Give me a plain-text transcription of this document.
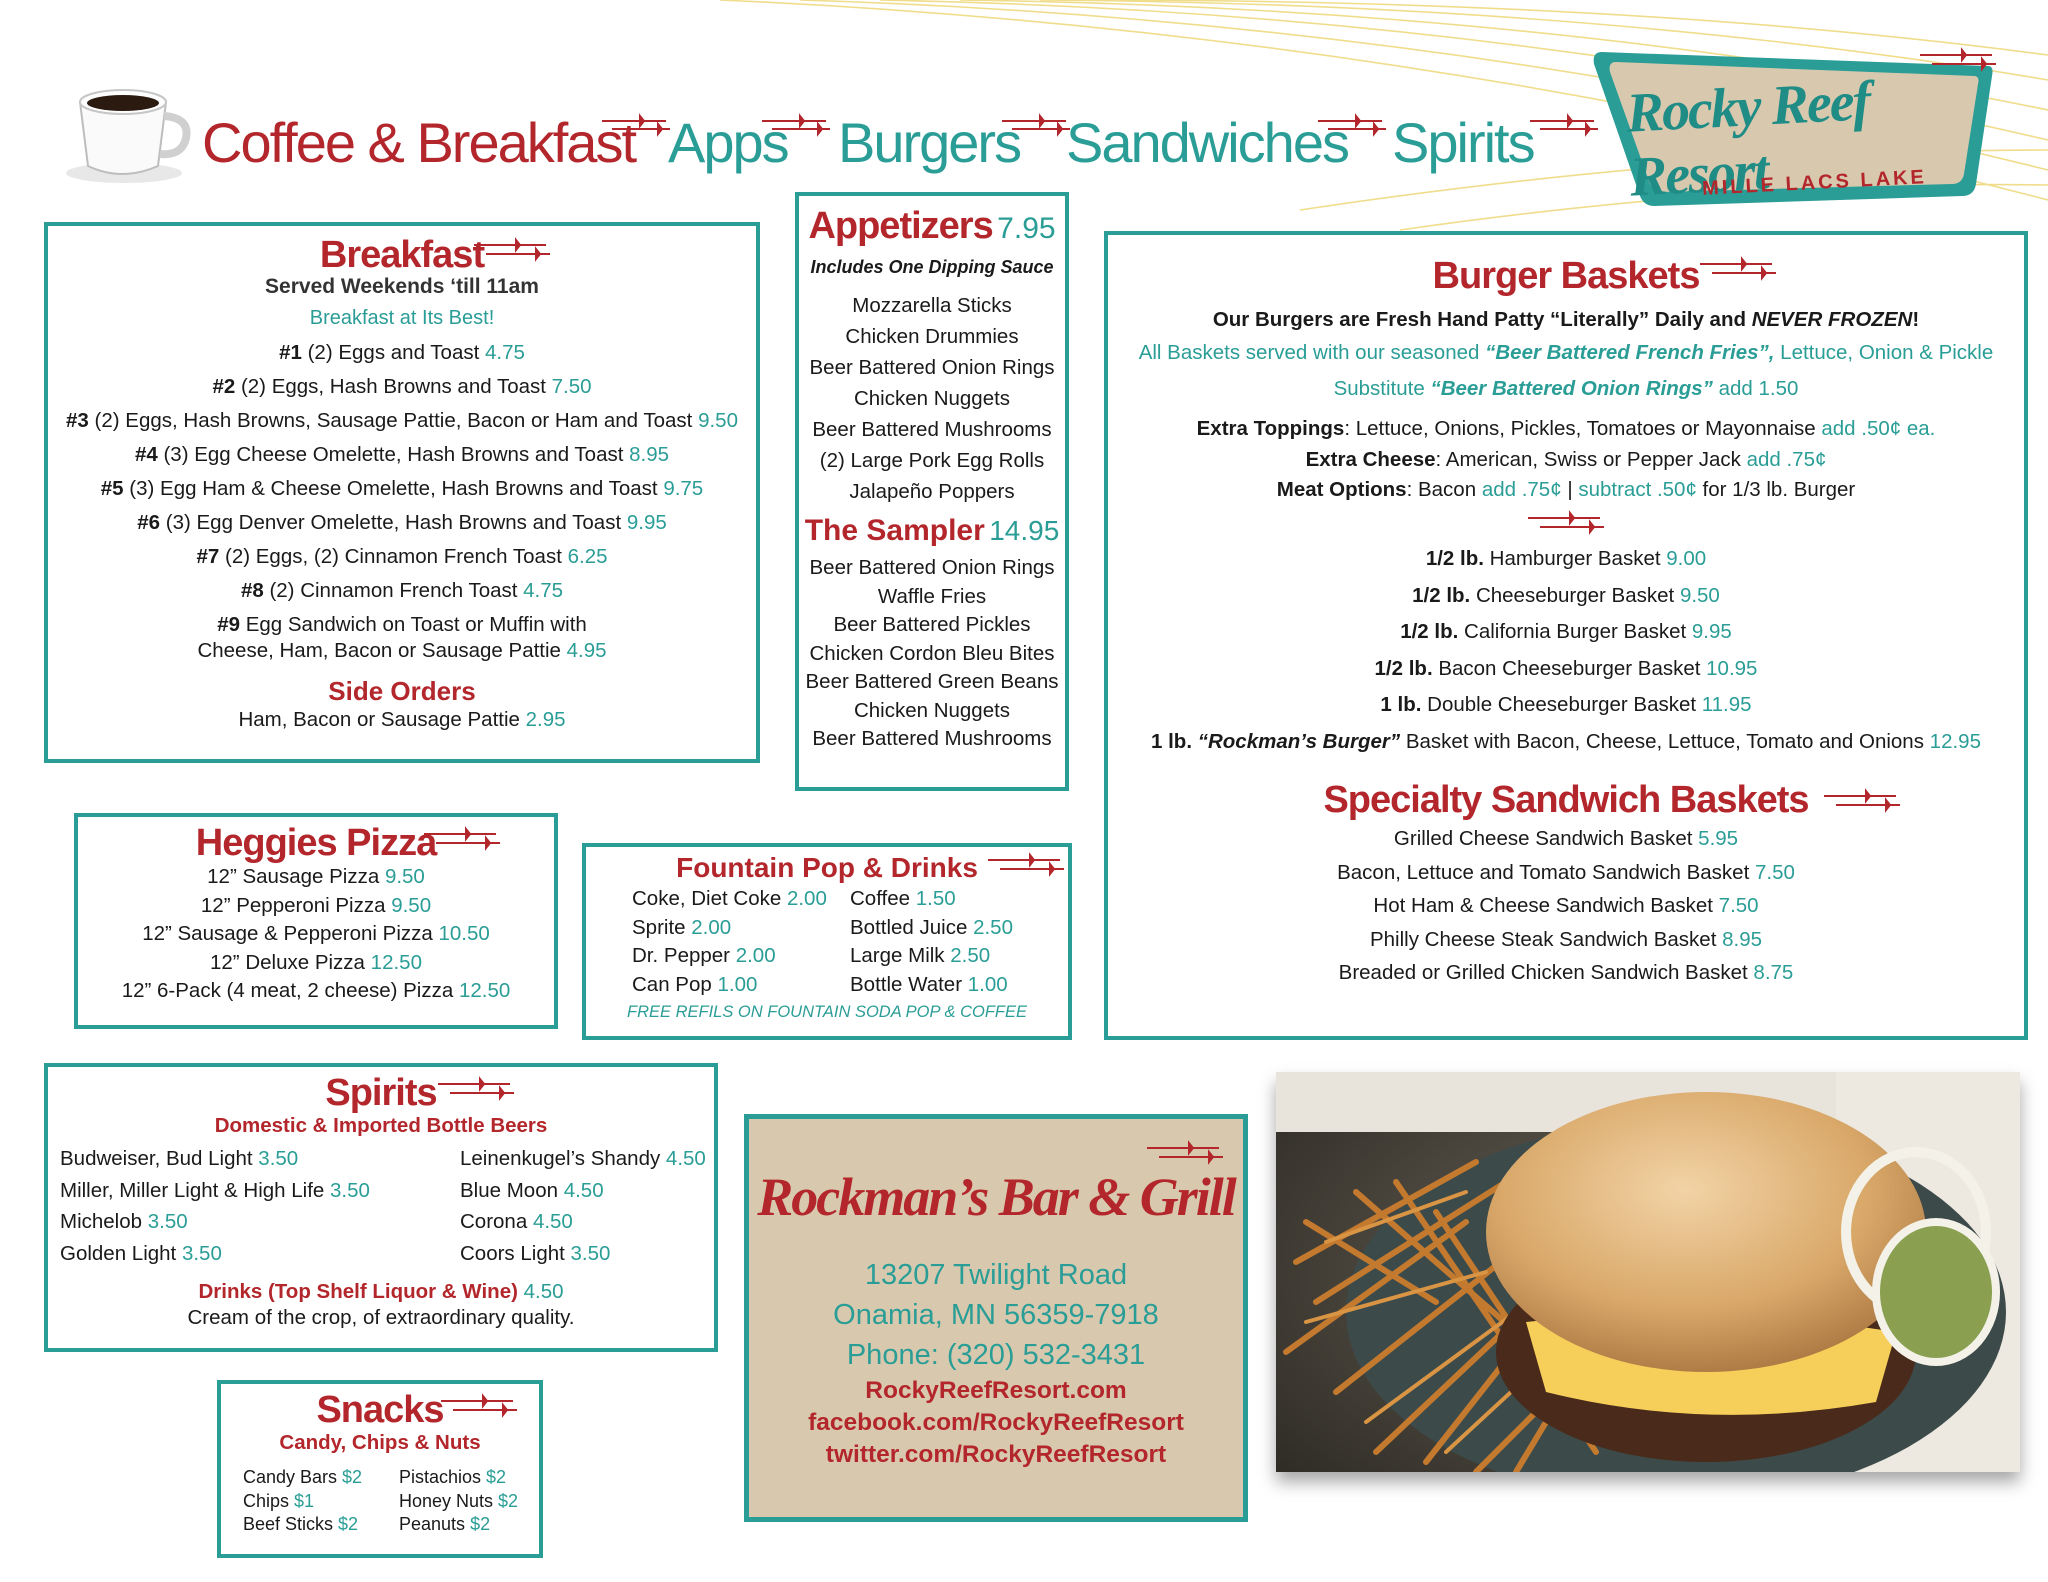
Coffee & Breakfast Apps Burgers Sandwiches Spirits Rocky Reef Resort
MILLE LACS LAKE
Breakfast
Served Weekends ‘till 11am
Breakfast at Its Best!
#1 (2) Eggs and Toast 4.75
#2 (2) Eggs, Hash Browns and Toast 7.50
#3 (2) Eggs, Hash Browns, Sausage Pattie, Bacon or Ham and Toast 9.50
#4 (3) Egg Cheese Omelette, Hash Browns and Toast 8.95
#5 (3) Egg Ham & Cheese Omelette, Hash Browns and Toast 9.75
#6 (3) Egg Denver Omelette, Hash Browns and Toast 9.95
#7 (2) Eggs, (2) Cinnamon French Toast 6.25
#8 (2) Cinnamon French Toast 4.75
#9 Egg Sandwich on Toast or Muffin with
Cheese, Ham, Bacon or Sausage Pattie 4.95
Side Orders
Ham, Bacon or Sausage Pattie 2.95
Appetizers 7.95
Includes One Dipping Sauce
Mozzarella Sticks
Chicken Drummies
Beer Battered Onion Rings
Chicken Nuggets
Beer Battered Mushrooms
(2) Large Pork Egg Rolls
Jalapeño Poppers
The Sampler 14.95
Beer Battered Onion Rings
Waffle Fries
Beer Battered Pickles
Chicken Cordon Bleu Bites
Beer Battered Green Beans
Chicken Nuggets
Beer Battered Mushrooms
Burger Baskets
Our Burgers are Fresh Hand Patty “Literally” Daily and NEVER FROZEN!
All Baskets served with our seasoned “Beer Battered French Fries”, Lettuce, Onion & Pickle
Substitute “Beer Battered Onion Rings” add 1.50
Extra Toppings: Lettuce, Onions, Pickles, Tomatoes or Mayonnaise add .50¢ ea.
Extra Cheese: American, Swiss or Pepper Jack add .75¢
Meat Options: Bacon add .75¢ | subtract .50¢ for 1/3 lb. Burger
1/2 lb. Hamburger Basket 9.00
1/2 lb. Cheeseburger Basket 9.50
1/2 lb. California Burger Basket 9.95
1/2 lb. Bacon Cheeseburger Basket 10.95
1 lb. Double Cheeseburger Basket 11.95
1 lb. “Rockman’s Burger” Basket with Bacon, Cheese, Lettuce, Tomato and Onions 12.95
Specialty Sandwich Baskets
Grilled Cheese Sandwich Basket 5.95
Bacon, Lettuce and Tomato Sandwich Basket 7.50
Hot Ham & Cheese Sandwich Basket 7.50
Philly Cheese Steak Sandwich Basket 8.95
Breaded or Grilled Chicken Sandwich Basket 8.75
Heggies Pizza
12” Sausage Pizza 9.50
12” Pepperoni Pizza 9.50
12” Sausage & Pepperoni Pizza 10.50
12” Deluxe Pizza 12.50
12” 6-Pack (4 meat, 2 cheese) Pizza 12.50
Fountain Pop & Drinks
Coke, Diet Coke 2.00
Sprite 2.00
Dr. Pepper 2.00
Can Pop 1.00
Coffee 1.50
Bottled Juice 2.50
Large Milk 2.50
Bottle Water 1.00
FREE REFILS ON FOUNTAIN SODA POP & COFFEE
Spirits
Domestic & Imported Bottle Beers
Budweiser, Bud Light 3.50
Miller, Miller Light & High Life 3.50
Michelob 3.50
Golden Light 3.50
Leinenkugel’s Shandy 4.50
Blue Moon 4.50
Corona 4.50
Coors Light 3.50
Drinks (Top Shelf Liquor & Wine) 4.50
Cream of the crop, of extraordinary quality.
Snacks
Candy, Chips & Nuts
Candy Bars $2
Chips $1
Beef Sticks $2
Pistachios $2
Honey Nuts $2
Peanuts $2
Rockman’s Bar & Grill
13207 Twilight Road
Onamia, MN 56359-7918
Phone: (320) 532-3431
RockyReefResort.com
facebook.com/RockyReefResort
twitter.com/RockyReefResort
